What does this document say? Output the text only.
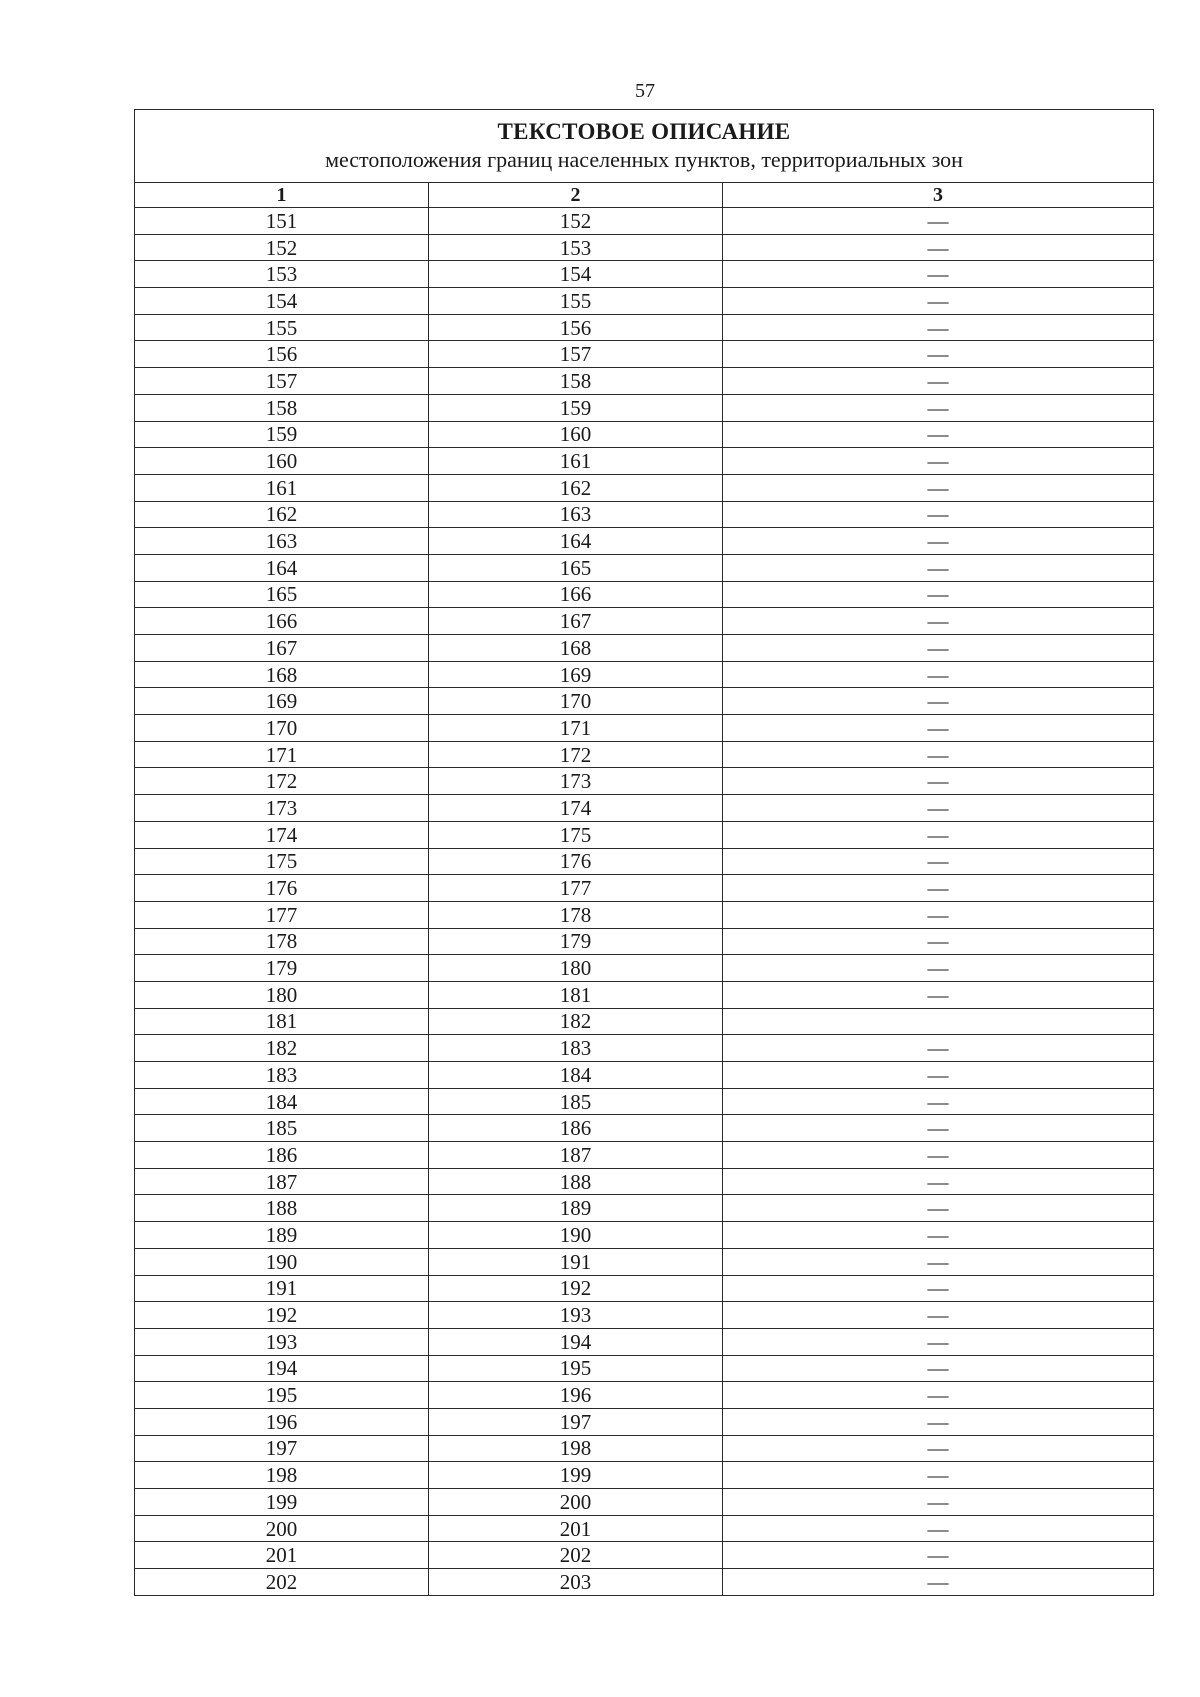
57
ТЕКСТОВОЕ ОПИСАНИЕ
местоположения границ населенных пунктов, территориальных зон		

1	2	3
151	152	—
152	153	—
153	154	—
154	155	—
155	156	—
156	157	—
157	158	—
158	159	—
159	160	—
160	161	—
161	162	—
162	163	—
163	164	—
164	165	—
165	166	—
166	167	—
167	168	—
168	169	—
169	170	—
170	171	—
171	172	—
172	173	—
173	174	—
174	175	—
175	176	—
176	177	—
177	178	—
178	179	—
179	180	—
180	181	—
181	182	
182	183	—
183	184	—
184	185	—
185	186	—
186	187	—
187	188	—
188	189	—
189	190	—
190	191	—
191	192	—
192	193	—
193	194	—
194	195	—
195	196	—
196	197	—
197	198	—
198	199	—
199	200	—
200	201	—
201	202	—
202	203	—
